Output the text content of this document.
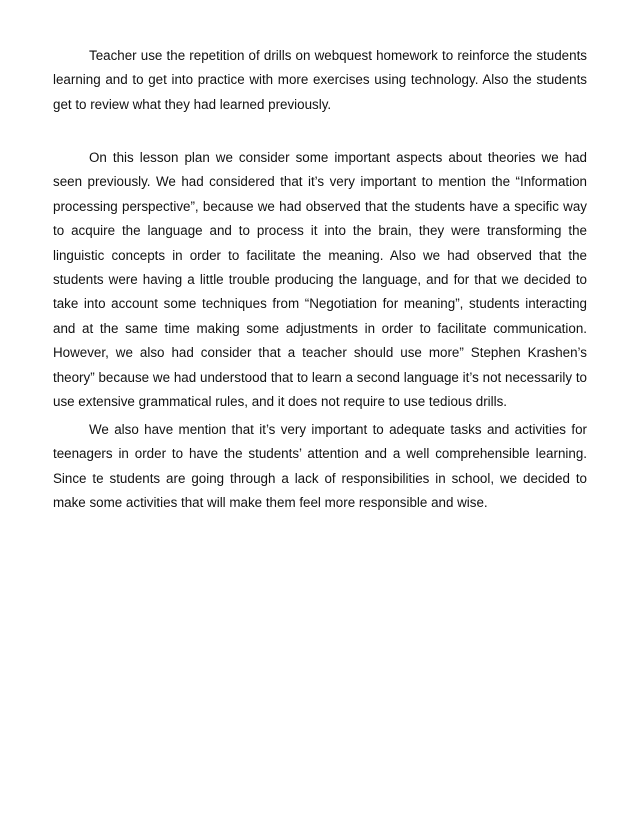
Teacher use the repetition of drills on webquest homework to reinforce the students learning and to get into practice with more exercises using technology. Also the students get to review what they had learned previously.

On this lesson plan we consider some important aspects about theories we had seen previously. We had considered that it’s very important to mention the “Information processing perspective”, because we had observed that the students have a specific way to acquire the language and to process it into the brain, they were transforming the linguistic concepts in order to facilitate the meaning. Also we had observed that the students were having a little trouble producing the language, and for that we decided to take into account some techniques from “Negotiation for meaning”, students interacting and at the same time making some adjustments in order to facilitate communication. However, we also had consider that a teacher should use more” Stephen Krashen’s theory” because we had understood that to learn a second language it’s not necessarily to use extensive grammatical rules, and it does not require to use tedious drills.

We also have mention that it’s very important to adequate tasks and activities for teenagers in order to have the students’ attention and a well comprehensible learning. Since te students are going through a lack of responsibilities in school, we decided to make some activities that will make them feel more responsible and wise.
